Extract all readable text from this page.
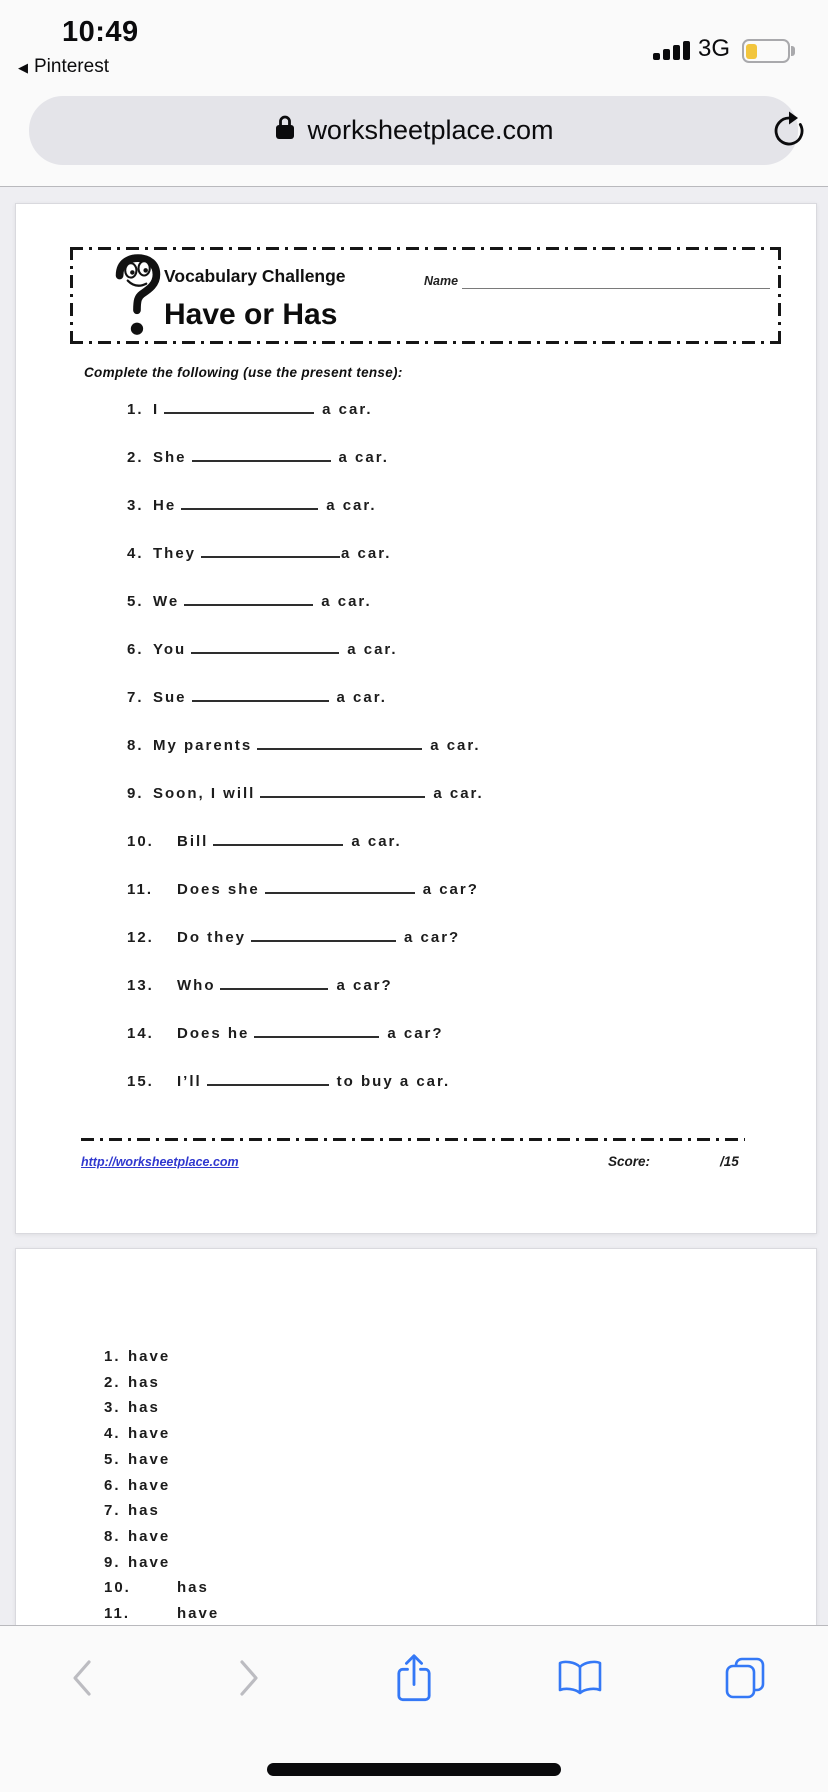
10:49
◀ Pinterest
3G
worksheetplace.com
Vocabulary Challenge	Name
Have or Has
Complete the following (use the present tense):
1. I	a car.
2. She	a car.
3. He	a car.
4. They	a car.
5. We	a car.
6. You	a car.
7. Sue	a car.
8. My parents	a car.
9. Soon, I will	a car.
10. Bill	a car.
11. Does she	a car?
12. Do they	a car?
13. Who	a car?
14. Does he	a car?
15. I’ll	to buy a car.
http://worksheetplace.com	Score:	/15
1. have
2. has
3. has
4. have
5. have
6. have
7. has
8. have
9. have
10.	has
11.	have
